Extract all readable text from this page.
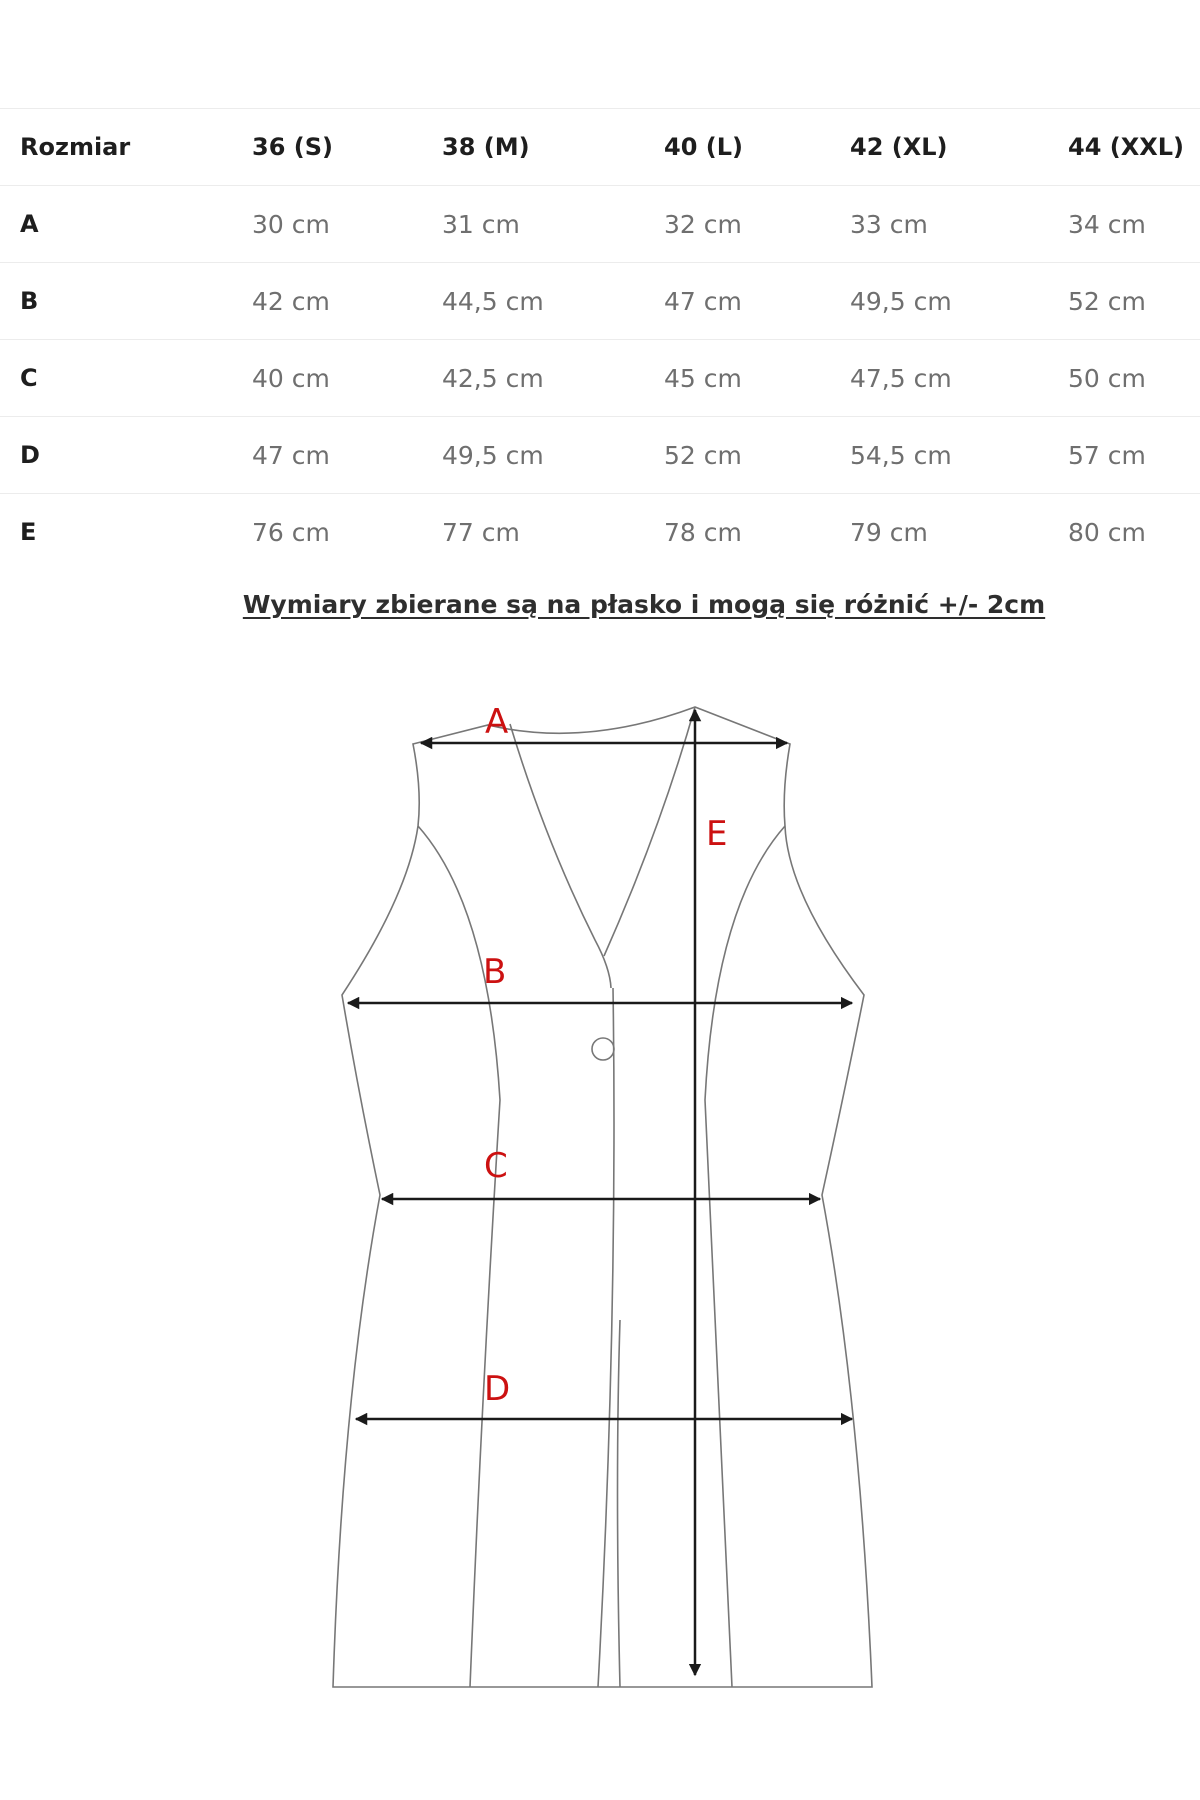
Rozmiar	36 (S)	38 (M)	40 (L)	42 (XL)	44 (XXL)
A	30 cm	31 cm	32 cm	33 cm	34 cm
B	42 cm	44,5 cm	47 cm	49,5 cm	52 cm
C	40 cm	42,5 cm	45 cm	47,5 cm	50 cm
D	47 cm	49,5 cm	52 cm	54,5 cm	57 cm
E	76 cm	77 cm	78 cm	79 cm	80 cm
Wymiary zbierane są na płasko i mogą się różnić +/- 2cm
A
B
C
D
E
